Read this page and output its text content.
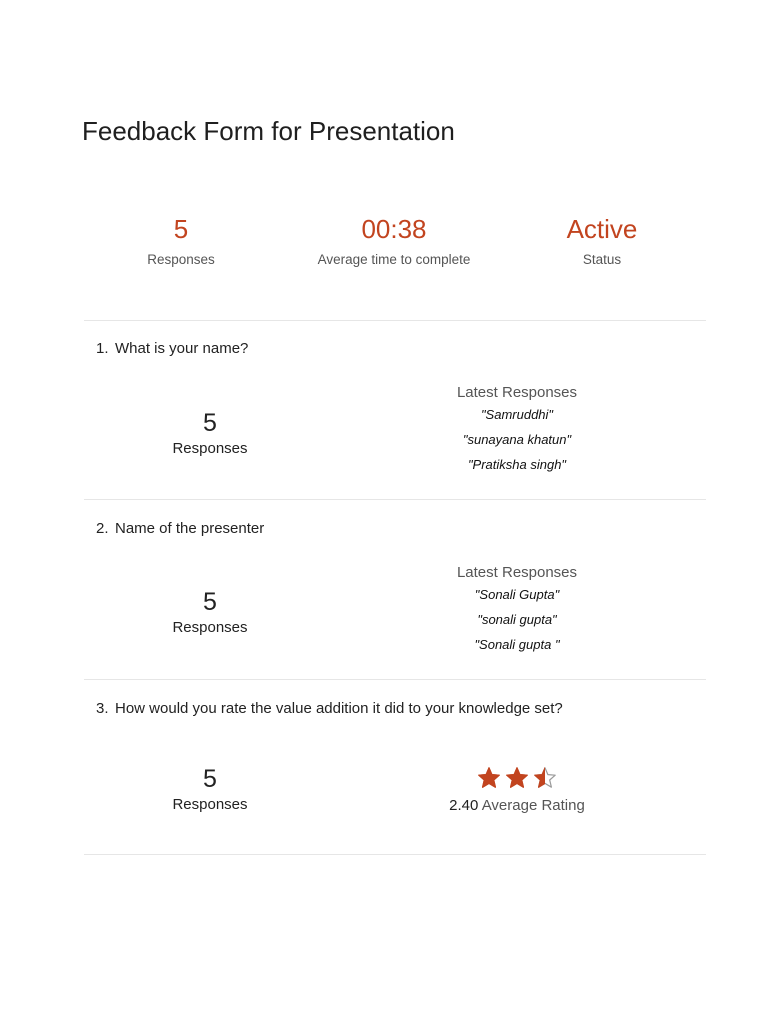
Feedback Form for Presentation
5
Responses
00:38
Average time to complete
Active
Status
1. What is your name?
5
Responses
Latest Responses
"Samruddhi"
"sunayana khatun"
"Pratiksha singh"
2. Name of the presenter
5
Responses
Latest Responses
"Sonali Gupta"
"sonali gupta"
"Sonali gupta "
3. How would you rate the value addition it did to your knowledge set?
5
Responses	2.40 Average Rating
